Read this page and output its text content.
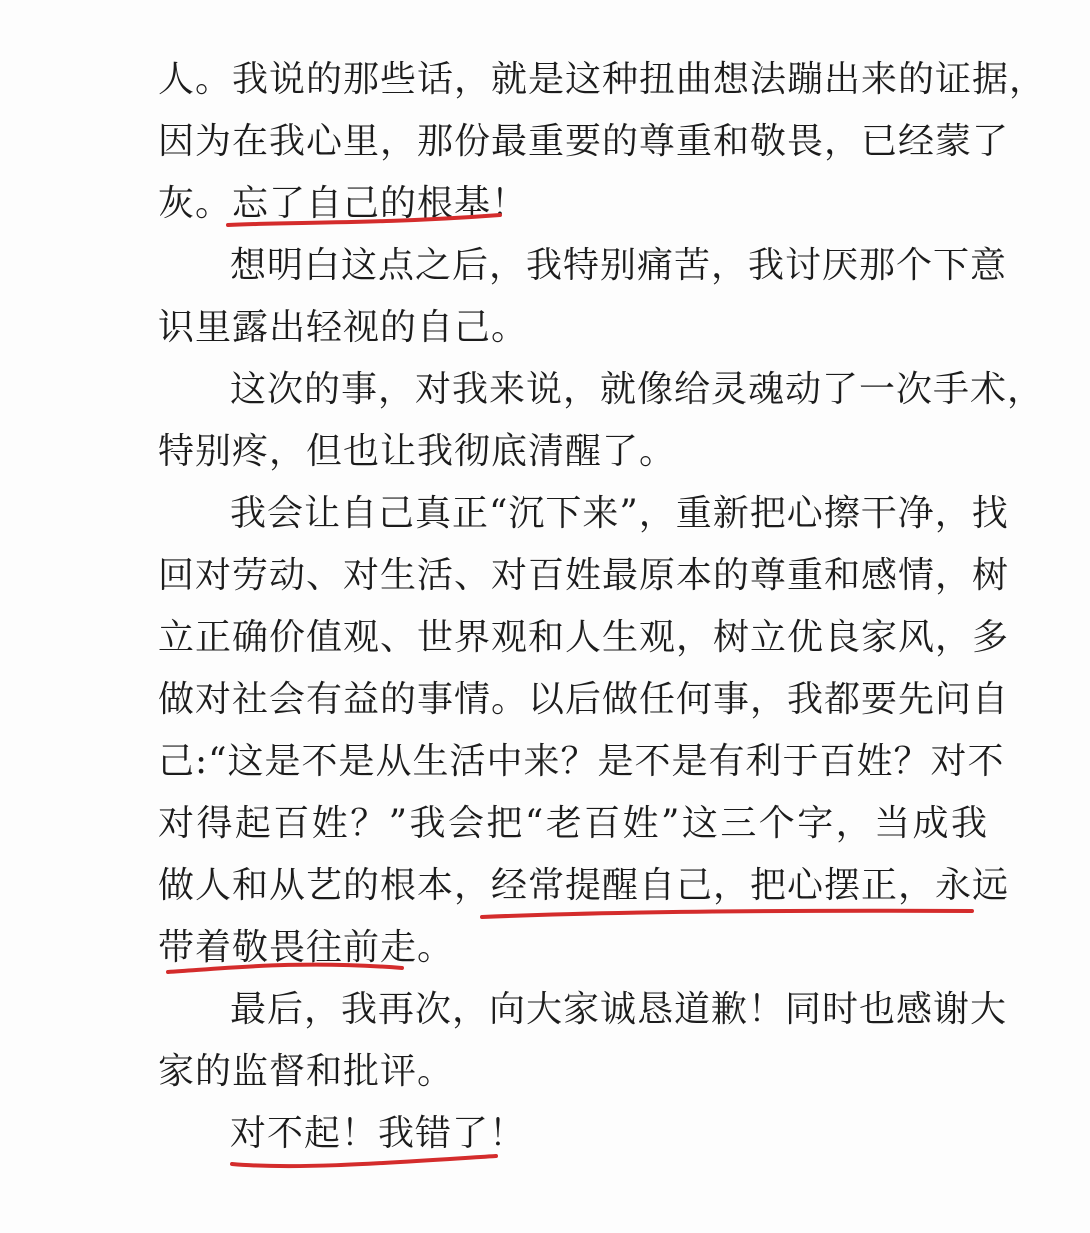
人。我说的那些话，就是这种扭曲想法蹦出来的证据，
因为在我心里，那份最重要的尊重和敬畏，已经蒙了
灰。忘了自己的根基！
想明白这点之后，我特别痛苦，我讨厌那个下意
识里露出轻视的自己。
这次的事，对我来说，就像给灵魂动了一次手术，
特别疼，但也让我彻底清醒了。
我会让自己真正“沉下来”，重新把心擦干净，找
回对劳动、对生活、对百姓最原本的尊重和感情，树
立正确价值观、世界观和人生观，树立优良家风，多
做对社会有益的事情。以后做任何事，我都要先问自
己:“这是不是从生活中来？是不是有利于百姓？对不
对得起百姓？”我会把“老百姓”这三个字，当成我
做人和从艺的根本，经常提醒自己，把心摆正，永远
带着敬畏往前走。
最后，我再次，向大家诚恳道歉！同时也感谢大
家的监督和批评。
对不起！我错了！
